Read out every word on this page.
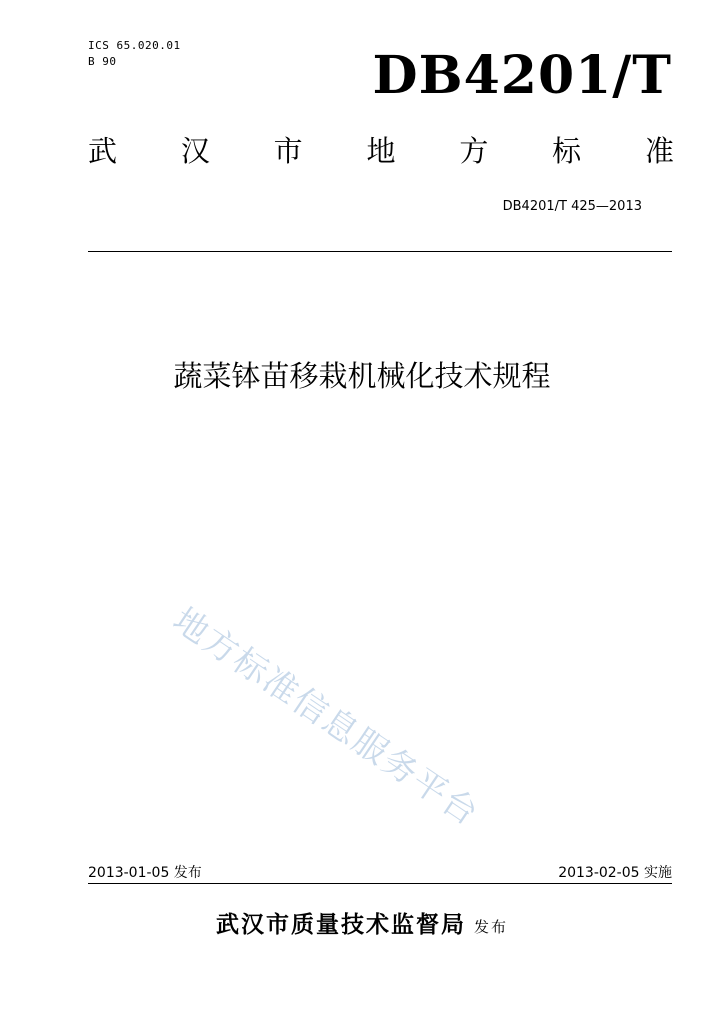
ICS 65.020.01
B 90	DB4201/T
武 汉 市 地 方 标 准
DB4201/T 425—2013
蔬菜钵苗移栽机械化技术规程
地方标准信息服务平台
2013-01-05 发布	2013-02-05 实施
武汉市质量技术监督局 发布
